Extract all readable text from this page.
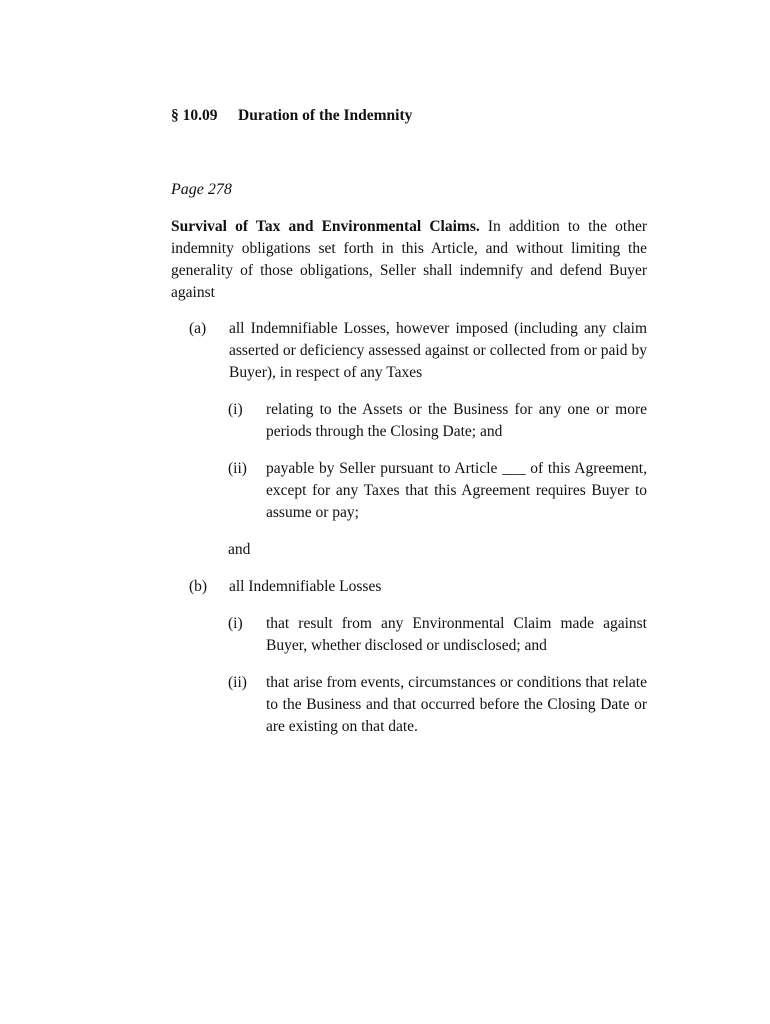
§ 10.09 Duration of the Indemnity
Page 278

Survival of Tax and Environmental Claims. In addition to the other indemnity obligations set forth in this Article, and without limiting the generality of those obligations, Seller shall indemnify and defend Buyer against

(a)	all Indemnifiable Losses, however imposed (including any claim asserted or deficiency assessed against or collected from or paid by Buyer), in respect of any Taxes
(i)	relating to the Assets or the Business for any one or more periods through the Closing Date; and
(ii)	payable by Seller pursuant to Article ___ of this Agreement, except for any Taxes that this Agreement requires Buyer to assume or pay;
and
(b)	all Indemnifiable Losses
(i)	that result from any Environmental Claim made against Buyer, whether disclosed or undisclosed; and
(ii)	that arise from events, circumstances or conditions that relate to the Business and that occurred before the Closing Date or are existing on that date.
